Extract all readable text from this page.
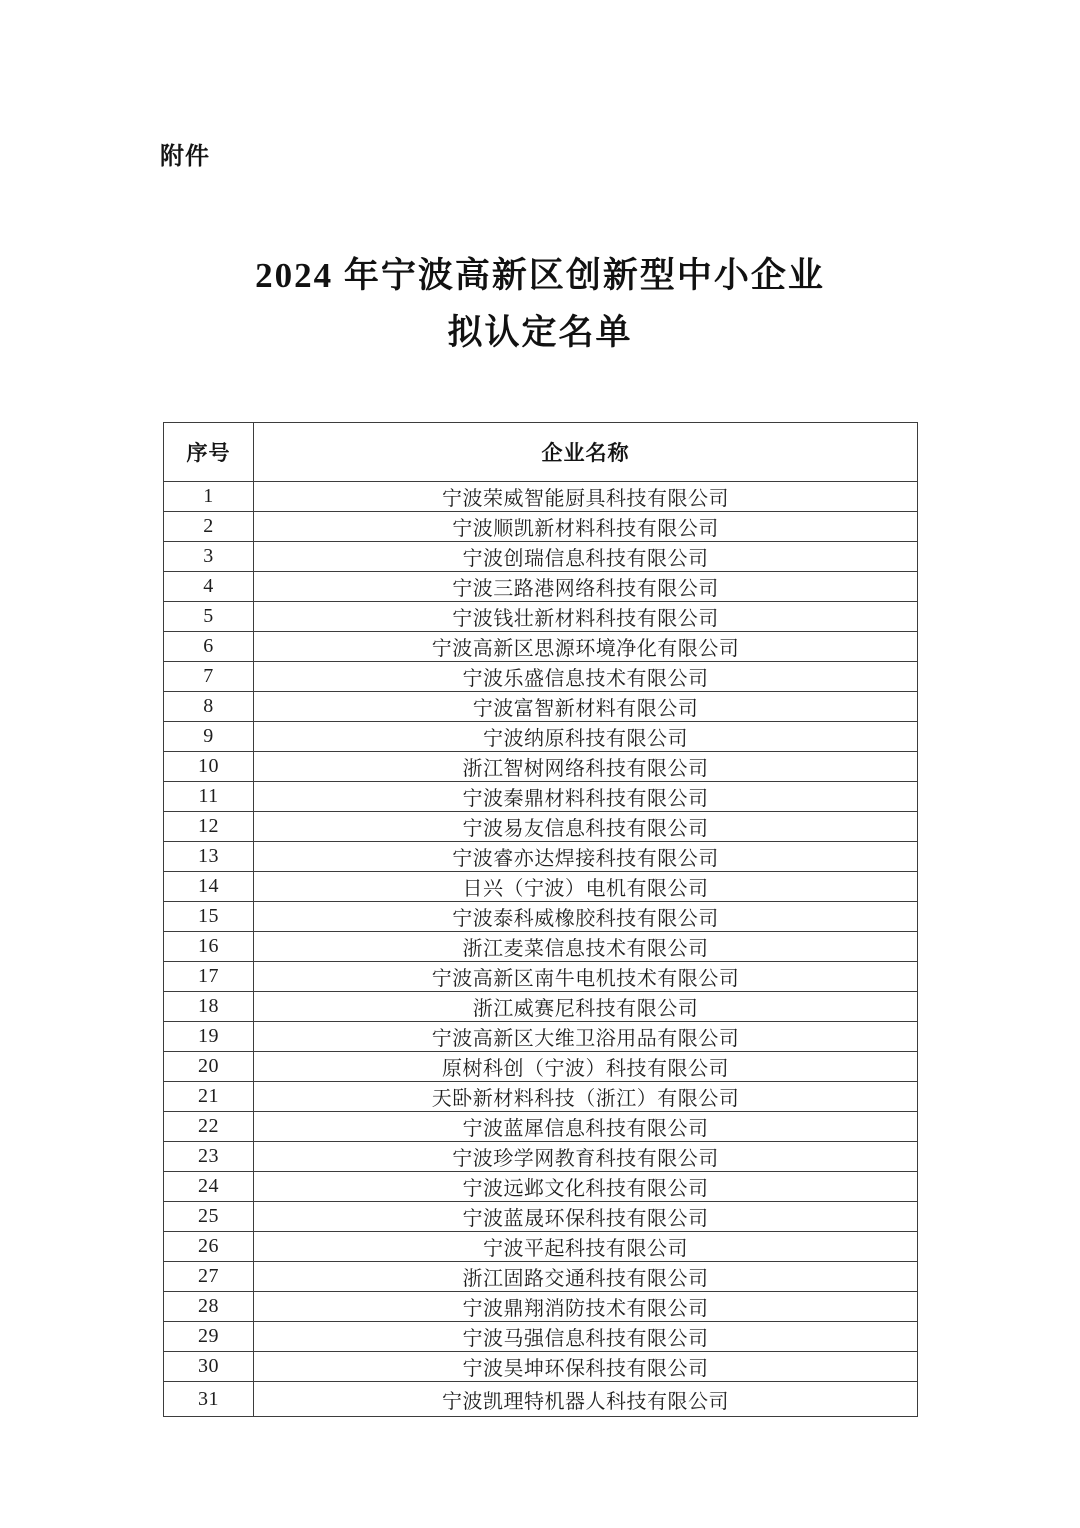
附件
2024 年宁波高新区创新型中小企业
拟认定名单
序号	企业名称
1	宁波荣威智能厨具科技有限公司
2	宁波顺凯新材料科技有限公司
3	宁波创瑞信息科技有限公司
4	宁波三路港网络科技有限公司
5	宁波钱壮新材料科技有限公司
6	宁波高新区思源环境净化有限公司
7	宁波乐盛信息技术有限公司
8	宁波富智新材料有限公司
9	宁波纳原科技有限公司
10	浙江智树网络科技有限公司
11	宁波秦鼎材料科技有限公司
12	宁波易友信息科技有限公司
13	宁波睿亦达焊接科技有限公司
14	日兴（宁波）电机有限公司
15	宁波泰科威橡胶科技有限公司
16	浙江麦菜信息技术有限公司
17	宁波高新区南牛电机技术有限公司
18	浙江威赛尼科技有限公司
19	宁波高新区大维卫浴用品有限公司
20	原树科创（宁波）科技有限公司
21	天卧新材料科技（浙江）有限公司
22	宁波蓝犀信息科技有限公司
23	宁波珍学网教育科技有限公司
24	宁波远邺文化科技有限公司
25	宁波蓝晟环保科技有限公司
26	宁波平起科技有限公司
27	浙江固路交通科技有限公司
28	宁波鼎翔消防技术有限公司
29	宁波马强信息科技有限公司
30	宁波昊坤环保科技有限公司
31	宁波凯理特机器人科技有限公司
